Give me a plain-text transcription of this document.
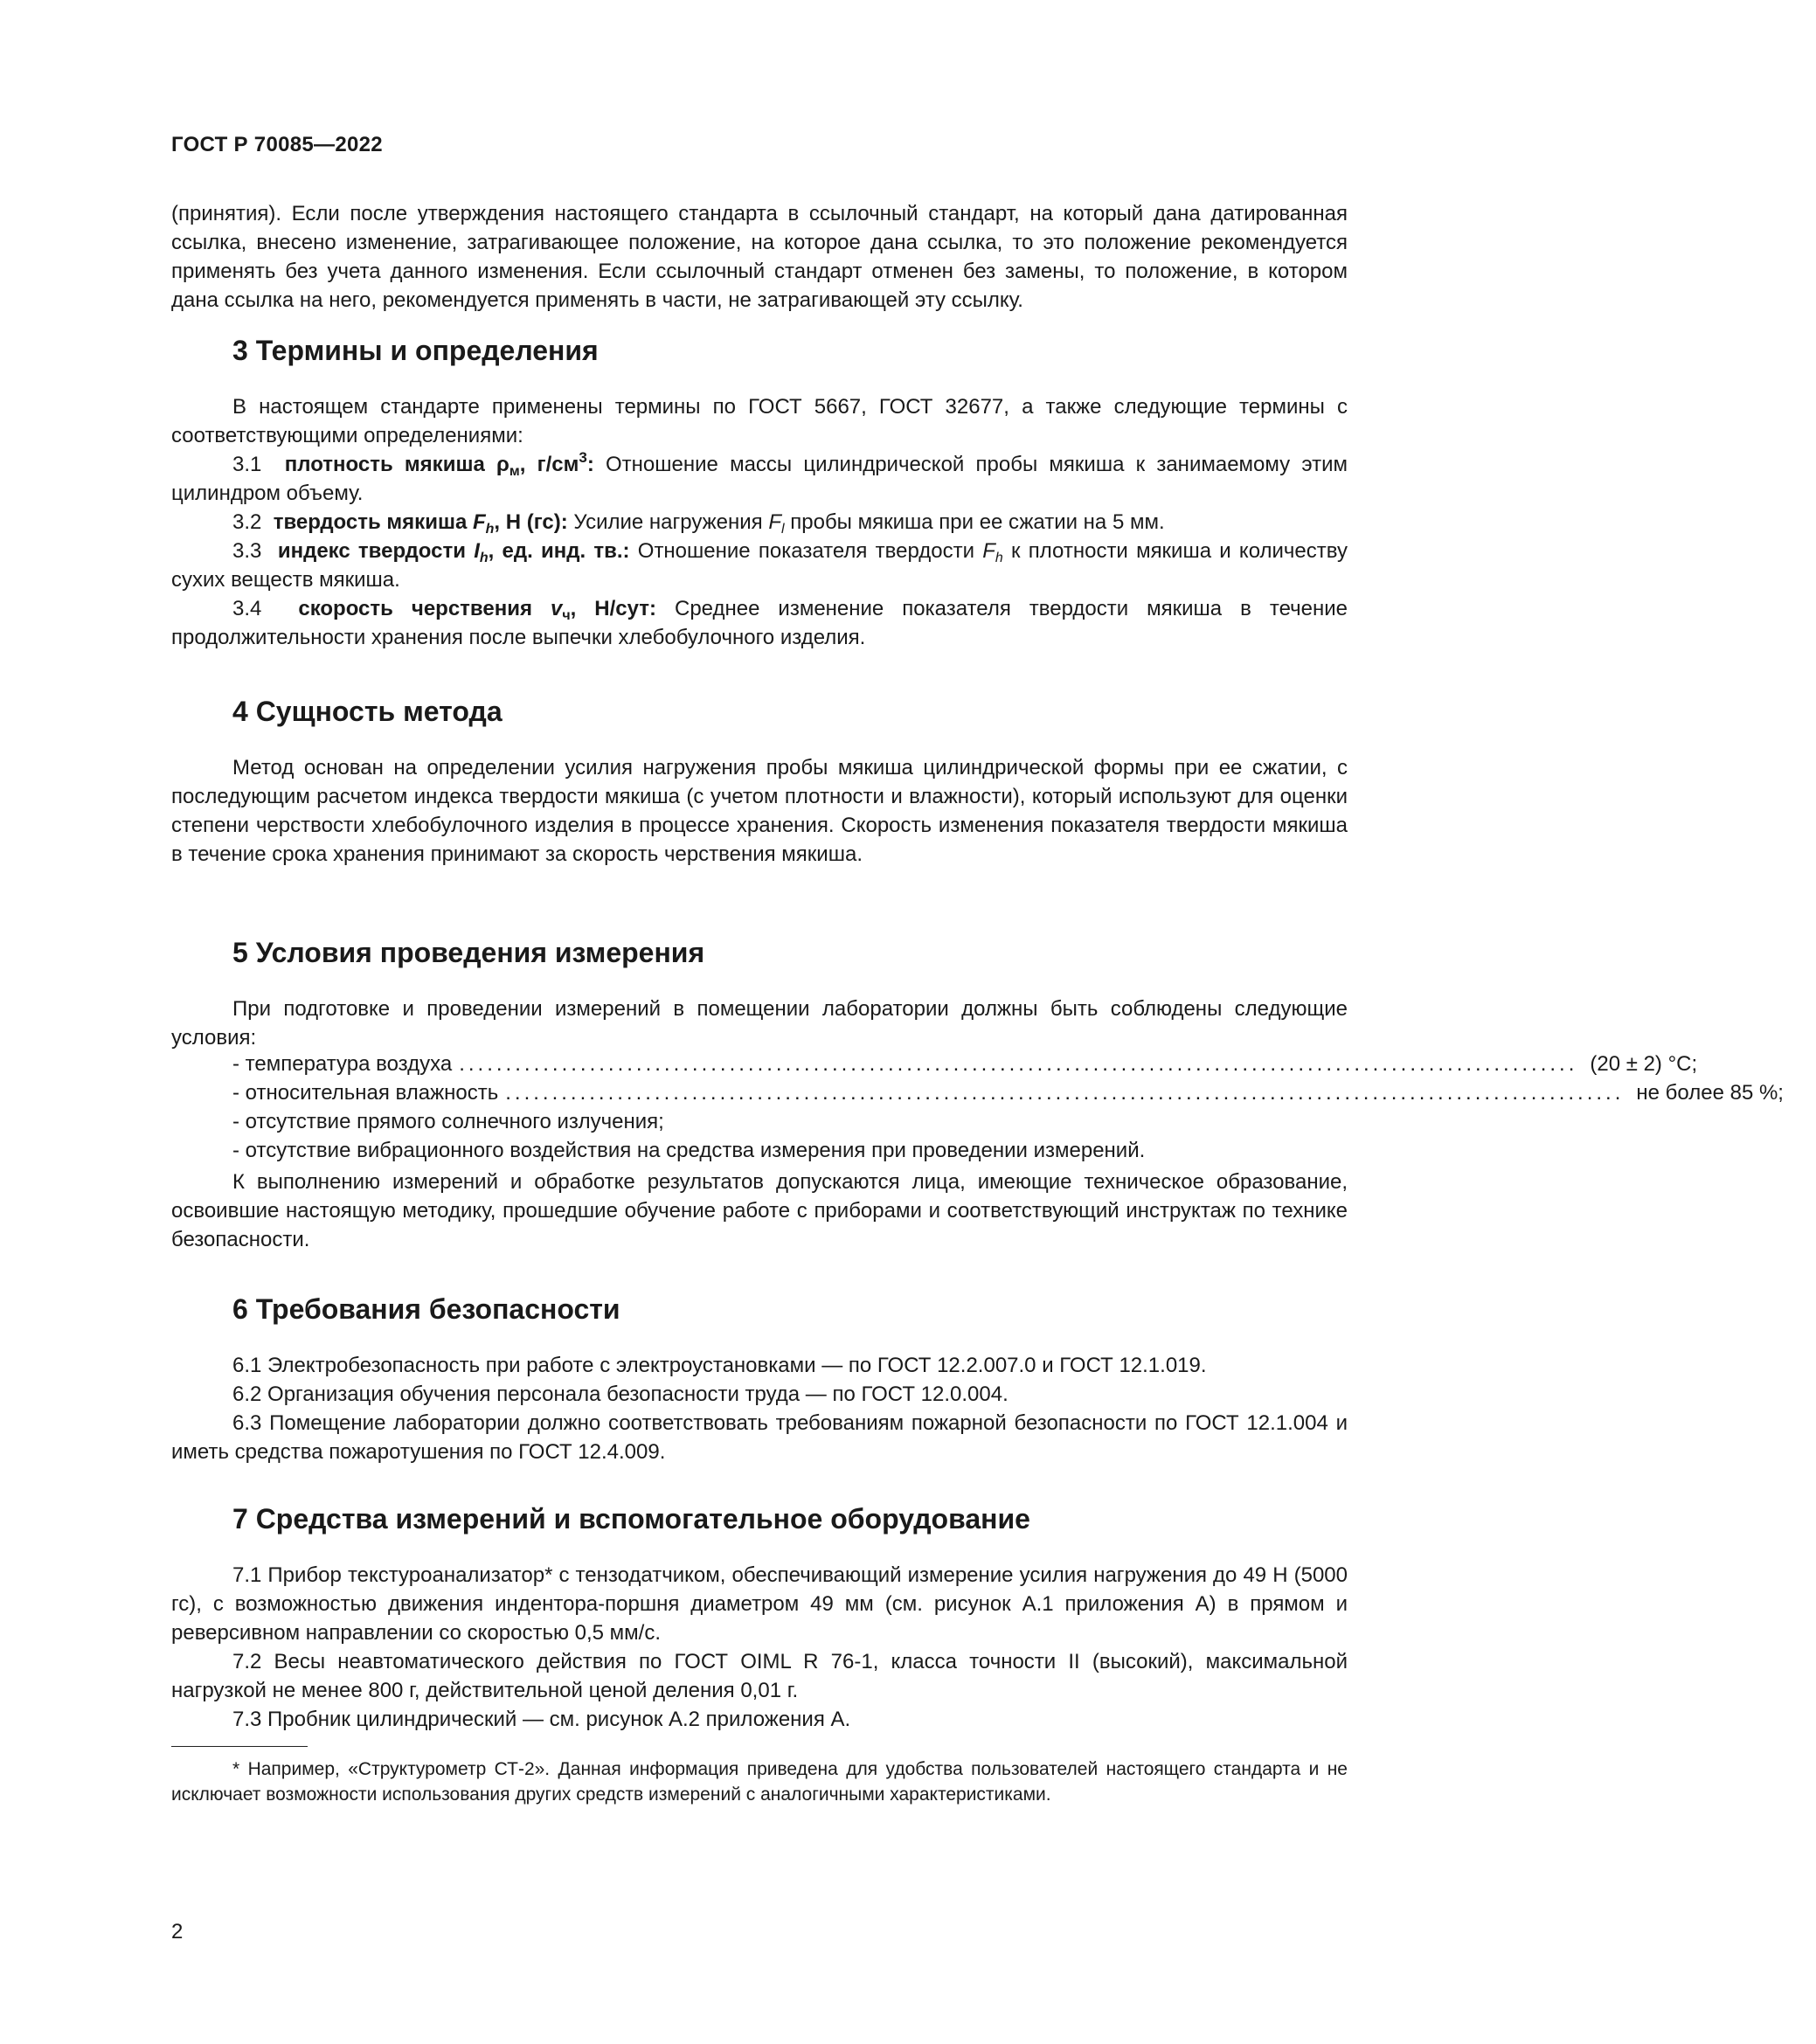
ГОСТ Р 70085—2022
(принятия). Если после утверждения настоящего стандарта в ссылочный стандарт, на который дана датированная ссылка, внесено изменение, затрагивающее положение, на которое дана ссылка, то это положение рекомендуется применять без учета данного изменения. Если ссылочный стандарт отменен без замены, то положение, в котором дана ссылка на него, рекомендуется применять в части, не затрагивающей эту ссылку.
3 Термины и определения
В настоящем стандарте применены термины по ГОСТ 5667, ГОСТ 32677, а также следующие термины с соответствующими определениями:
3.1 плотность мякиша $\rho_м$, $г/см^3$: Отношение массы цилиндрической пробы мякиша к занимаемому этим цилиндром объему.
3.2 твердость мякиша $F_h$, Н (гс): Усилие нагружения $F_l$ пробы мякиша при ее сжатии на 5 мм.
3.3 индекс твердости $I_h$, ед. инд. тв.: Отношение показателя твердости $F_h$ к плотности мякиша и количеству сухих веществ мякиша.
3.4 скорость черствения $v_ч$, Н/сут: Среднее изменение показателя твердости мякиша в течение продолжительности хранения после выпечки хлебобулочного изделия.
4 Сущность метода
Метод основан на определении усилия нагружения пробы мякиша цилиндрической формы при ее сжатии, с последующим расчетом индекса твердости мякиша (с учетом плотности и влажности), который используют для оценки степени черствости хлебобулочного изделия в процессе хранения. Скорость изменения показателя твердости мякиша в течение срока хранения принимают за скорость черствения мякиша.
5 Условия проведения измерения
При подготовке и проведении измерений в помещении лаборатории должны быть соблюдены следующие условия:
- температура воздуха ........................................................................................................................ (20 ± 2) °C;
- относительная влажность ........................................................................................................................ не более 85 %;
- отсутствие прямого солнечного излучения;
- отсутствие вибрационного воздействия на средства измерения при проведении измерений.
К выполнению измерений и обработке результатов допускаются лица, имеющие техническое образование, освоившие настоящую методику, прошедшие обучение работе с приборами и соответствующий инструктаж по технике безопасности.
6 Требования безопасности
6.1 Электробезопасность при работе с электроустановками — по ГОСТ 12.2.007.0 и ГОСТ 12.1.019.
6.2 Организация обучения персонала безопасности труда — по ГОСТ 12.0.004.
6.3 Помещение лаборатории должно соответствовать требованиям пожарной безопасности по ГОСТ 12.1.004 и иметь средства пожаротушения по ГОСТ 12.4.009.
7 Средства измерений и вспомогательное оборудование
7.1 Прибор текстуроанализатор* с тензодатчиком, обеспечивающий измерение усилия нагружения до 49 Н (5000 гс), с возможностью движения индентора-поршня диаметром 49 мм (см. рисунок А.1 приложения А) в прямом и реверсивном направлении со скоростью 0,5 мм/с.
7.2 Весы неавтоматического действия по ГОСТ OIML R 76-1, класса точности II (высокий), максимальной нагрузкой не менее 800 г, действительной ценой деления 0,01 г.
7.3 Пробник цилиндрический — см. рисунок А.2 приложения А.
* Например, «Структурометр СТ-2». Данная информация приведена для удобства пользователей настоящего стандарта и не исключает возможности использования других средств измерений с аналогичными характеристиками.
2
